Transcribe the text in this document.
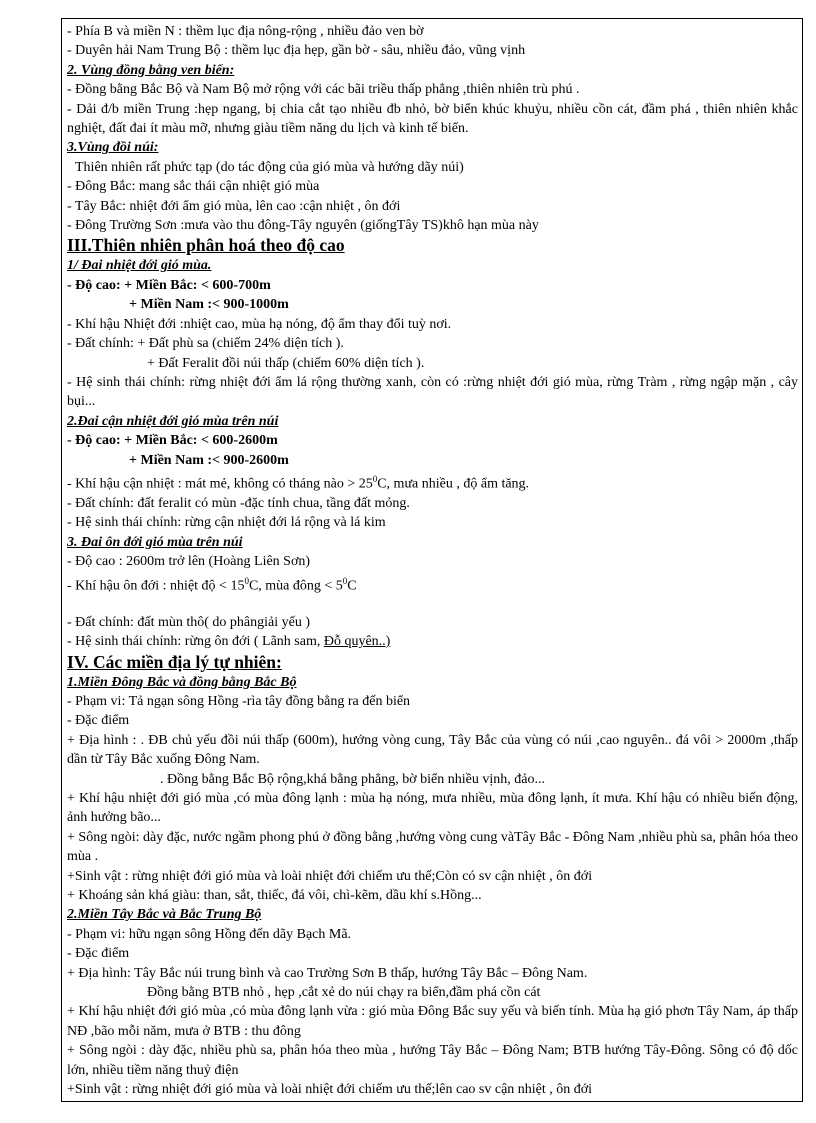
- Phía B và miền N : thềm lục địa nông-rộng , nhiều đảo ven bờ
- Duyên hải Nam Trung Bộ : thềm lục địa hẹp, gần bờ - sâu, nhiều đảo, vũng vịnh
2. Vùng đồng bằng ven biển:
- Đồng bằng Bắc Bộ và Nam Bộ mở rộng với các bãi triều thấp phẳng ,thiên nhiên trù phú .
- Dải đ/b miền Trung :hẹp ngang, bị chia cắt tạo nhiều đb nhỏ, bờ biển khúc khuỷu, nhiều cồn cát, đầm phá , thiên nhiên khắc nghiệt, đất đai ít màu mỡ, nhưng giàu tiềm năng du lịch và kinh tế biển.
3.Vùng đồi núi:
Thiên nhiên rất phức tạp (do tác động của gió mùa và hướng dãy núi)
- Đông Bắc: mang sắc thái cận nhiệt gió mùa
- Tây Bắc: nhiệt đới ẩm gió mùa, lên cao :cận nhiệt , ôn đới
- Đông Trường Sơn :mưa vào thu đông-Tây nguyên (giốngTây TS)khô hạn mùa này
III.Thiên nhiên phân hoá theo độ cao
1/ Đai nhiệt đới gió mùa.
- Độ cao: + Miền Bắc: < 600-700m
+ Miền Nam :< 900-1000m
- Khí hậu Nhiệt đới :nhiệt cao, mùa hạ nóng, độ ẩm thay đổi tuỳ nơi.
- Đất chính: + Đất phù sa (chiếm 24% diện tích ).
+ Đất Feralit đồi núi thấp (chiếm 60% diện tích ).
- Hệ sinh thái chính: rừng nhiệt đới ẩm lá rộng thường xanh, còn có :rừng nhiệt đới gió mùa, rừng Tràm , rừng ngập mặn , cây bụi...
2.Đai cận nhiệt đới gió mùa trên núi
- Độ cao: + Miền Bắc: < 600-2600m
+ Miền Nam :< 900-2600m
- Khí hậu cận nhiệt : mát mẻ, không có tháng nào > $25^0C$, mưa nhiều , độ ẩm tăng.
- Đất chính: đất feralit có mùn -đặc tính chua, tầng đất mỏng.
- Hệ sinh thái chính: rừng cận nhiệt đới lá rộng và lá kim
3. Đai ôn đới gió mùa trên núi
- Độ cao : 2600m trở lên (Hoàng Liên Sơn)
- Khí hậu ôn đới : nhiệt độ < $15^0C$, mùa đông < $5^0C$
- Đất chính: đất mùn thô( do phângiải yếu )
- Hệ sinh thái chính: rừng ôn đới ( Lãnh sam, Đỗ quyên..)
IV. Các miền địa lý tự nhiên:
1.Miền Đông Bắc và đồng bằng Bắc Bộ
- Phạm vi: Tả ngạn sông Hồng -rìa tây đồng bằng ra đến biển
- Đặc điểm
+ Địa hình : . ĐB chủ yếu đồi núi thấp (600m), hướng vòng cung, Tây Bắc của vùng có núi ,cao nguyên.. đá vôi > 2000m ,thấp dần từ Tây Bắc xuống Đông Nam.
. Đồng bằng Bắc Bộ rộng,khá bằng phẳng, bờ biển nhiều vịnh, đảo...
+ Khí hậu nhiệt đới gió mùa ,có mùa đông lạnh : mùa hạ nóng, mưa nhiều, mùa đông lạnh, ít mưa. Khí hậu có nhiều biến động, ảnh hưởng bão...
+ Sông ngòi: dày đặc, nước ngầm phong phú ở đồng bằng ,hướng vòng cung vàTây Bắc - Đông Nam ,nhiều phù sa, phân hóa theo mùa .
+Sinh vật : rừng nhiệt đới gió mùa và loài nhiệt đới chiếm ưu thế;Còn có sv cận nhiệt , ôn đới
+ Khoáng sản khá giàu: than, sắt, thiếc, đá vôi, chì-kẽm, dầu khí s.Hồng...
2.Miền Tây Bắc và Bắc Trung Bộ
- Phạm vi: hữu ngạn sông Hồng đến dãy Bạch Mã.
- Đặc điểm
+ Địa hình: Tây Bắc núi trung bình và cao Trường Sơn B thấp, hướng Tây Bắc – Đông Nam.
Đồng bằng BTB nhỏ , hẹp ,cắt xẻ do núi chạy ra biển,đầm phá cồn cát
+ Khí hậu nhiệt đới gió mùa ,có mùa đông lạnh vừa : gió mùa Đông Bắc suy yếu và biến tính. Mùa hạ gió phơn Tây Nam, áp thấp NĐ ,bão mỗi năm, mưa ở BTB : thu đông
+ Sông ngòi : dày đặc, nhiều phù sa, phân hóa theo mùa , hướng Tây Bắc – Đông Nam; BTB hướng Tây-Đông. Sông có độ dốc lớn, nhiều tiềm năng thuỷ điện
+Sinh vật : rừng nhiệt đới gió mùa và loài nhiệt đới chiếm ưu thế;lên cao sv cận nhiệt , ôn đới
